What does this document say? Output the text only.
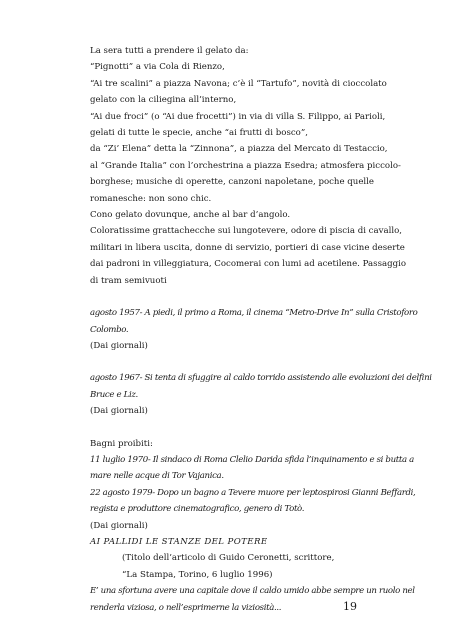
La sera tutti a prendere il gelato da:
“Pignotti” a via Cola di Rienzo,
“Ai tre scalini” a piazza Navona; c’è il “Tartufo”, novità di cioccolato
gelato con la ciliegina all’interno,
“Ai due froci” (o “Ai due frocetti”) in via di villa S. Filippo, ai Parioli,
gelati di tutte le specie, anche “ai frutti di bosco”,
da “Zi’ Elena” detta la “Zinnona”, a piazza del Mercato di Testaccio,
al “Grande Italia” con l’orchestrina a piazza Esedra; atmosfera piccolo-
borghese; musiche di operette, canzoni napoletane, poche quelle
romanesche: non sono chic.
Cono gelato dovunque, anche al bar d’angolo.
Coloratissime grattachecche sui lungotevere, odore di piscia di cavallo,
militari in libera uscita, donne di servizio, portieri di case vicine deserte
dai padroni in villeggiatura, Cocomerai con lumi ad acetilene. Passaggio
di tram semivuoti
agosto 1957- A piedi, il primo a Roma, il cinema “Metro-Drive In” sulla Cristoforo
Colombo.
(Dai giornali)
agosto 1967- Si tenta di sfuggire al caldo torrido assistendo alle evoluzioni dei delfini
Bruce e Liz.
(Dai giornali)
Bagni proibiti:
11 luglio 1970- Il sindaco di Roma Clelio Darida sfida l’inquinamento e si butta a
mare nelle acque di Tor Vajanica.
22 agosto 1979- Dopo un bagno a Tevere muore per leptospirosi Gianni Beffardi,
regista e produttore cinematografico, genero di Totò.
(Dai giornali)
AI PALLIDI LE STANZE DEL POTERE
(Titolo dell’articolo di Guido Ceronetti, scrittore,
“La Stampa, Torino, 6 luglio 1996)
E’ una sfortuna avere una capitale dove il caldo umido abbe sempre un ruolo nel
renderla viziosa, o nell’esprimerne la viziosità...	19
